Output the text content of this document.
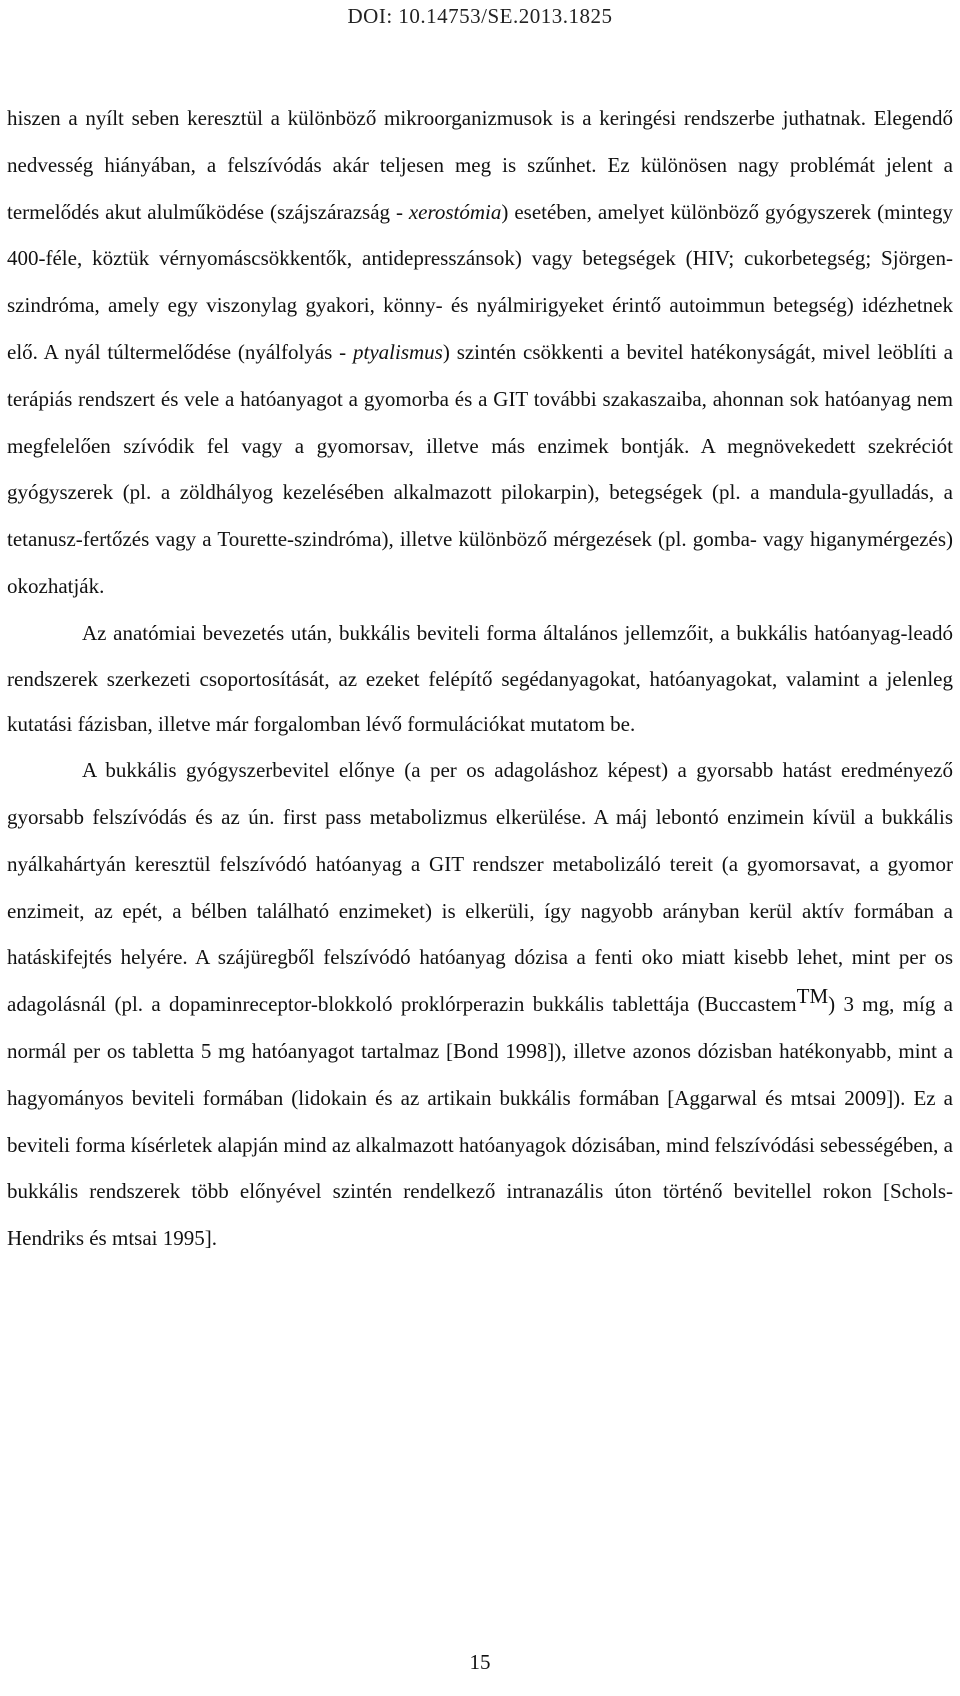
DOI: 10.14753/SE.2013.1825

hiszen a nyílt seben keresztül a különböző mikroorganizmusok is a keringési rendszerbe juthatnak. Elegendő nedvesség hiányában, a felszívódás akár teljesen meg is szűnhet. Ez különösen nagy problémát jelent a termelődés akut alulműködése (szájszárazság - xerostómia) esetében, amelyet különböző gyógyszerek (mintegy 400-féle, köztük vérnyomáscsökkentők, antidepresszánsok) vagy betegségek (HIV; cukorbetegség; Sjörgen-szindróma, amely egy viszonylag gyakori, könny- és nyálmirigyeket érintő autoimmun betegség) idézhetnek elő. A nyál túltermelődése (nyálfolyás - ptyalismus) szintén csökkenti a bevitel hatékonyságát, mivel leöblíti a terápiás rendszert és vele a hatóanyagot a gyomorba és a GIT további szakaszaiba, ahonnan sok hatóanyag nem megfelelően szívódik fel vagy a gyomorsav, illetve más enzimek bontják. A megnövekedett szekréciót gyógyszerek (pl. a zöldhályog kezelésében alkalmazott pilokarpin), betegségek (pl. a mandula-gyulladás, a tetanusz-fertőzés vagy a Tourette-szindróma), illetve különböző mérgezések (pl. gomba- vagy higanymérgezés) okozhatják.

Az anatómiai bevezetés után, bukkális beviteli forma általános jellemzőit, a bukkális hatóanyag-leadó rendszerek szerkezeti csoportosítását, az ezeket felépítő segédanyagokat, hatóanyagokat, valamint a jelenleg kutatási fázisban, illetve már forgalomban lévő formulációkat mutatom be.

A bukkális gyógyszerbevitel előnye (a per os adagoláshoz képest) a gyorsabb hatást eredményező gyorsabb felszívódás és az ún. first pass metabolizmus elkerülése. A máj lebontó enzimein kívül a bukkális nyálkahártyán keresztül felszívódó hatóanyag a GIT rendszer metabolizáló tereit (a gyomorsavat, a gyomor enzimeit, az epét, a bélben található enzimeket) is elkerüli, így nagyobb arányban kerül aktív formában a hatáskifejtés helyére. A szájüregből felszívódó hatóanyag dózisa a fenti oko miatt kisebb lehet, mint per os adagolásnál (pl. a dopaminreceptor-blokkoló proklórperazin bukkális tablettája (Buccastem™) 3 mg, míg a normál per os tabletta 5 mg hatóanyagot tartalmaz [Bond 1998]), illetve azonos dózisban hatékonyabb, mint a hagyományos beviteli formában (lidokain és az artikain bukkális formában [Aggarwal és mtsai 2009]). Ez a beviteli forma kísérletek alapján mind az alkalmazott hatóanyagok dózisában, mind felszívódási sebességében, a bukkális rendszerek több előnyével szintén rendelkező intranazális úton történő bevitellel rokon [Schols-Hendriks és mtsai 1995].

15
